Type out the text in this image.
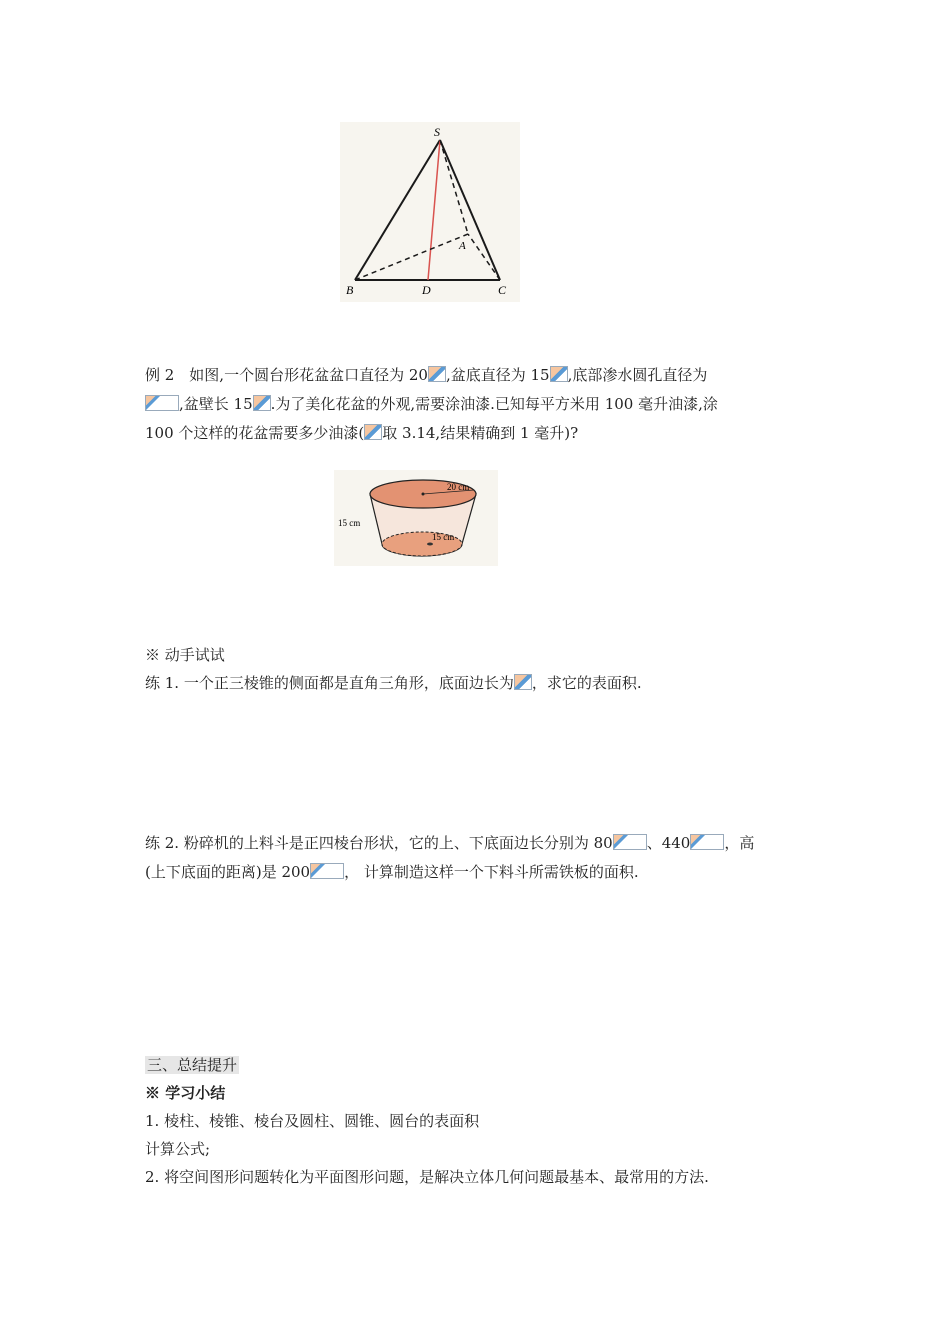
S
B	D	C
A
例 2　如图,一个圆台形花盆盆口直径为 20 ,盆底直径为 15 ,底部渗水圆孔直径为
,盆壁长 15 .为了美化花盆的外观,需要涂油漆.已知每平方米用 100 毫升油漆,涂
100 个这样的花盆需要多少油漆( 取 3.14,结果精确到 1 毫升)?
20 cm
15 cm
15 cm
※ 动手试试
练 1. 一个正三棱锥的侧面都是直角三角形，底面边长为 ，求它的表面积.
练 2. 粉碎机的上料斗是正四棱台形状，它的上、下底面边长分别为 80 、440 ，高
(上下底面的距离)是 200 ， 计算制造这样一个下料斗所需铁板的面积.
三、总结提升
※ 学习小结
1. 棱柱、棱锥、棱台及圆柱、圆锥、圆台的表面积
计算公式;
2. 将空间图形问题转化为平面图形问题，是解决立体几何问题最基本、最常用的方法.
